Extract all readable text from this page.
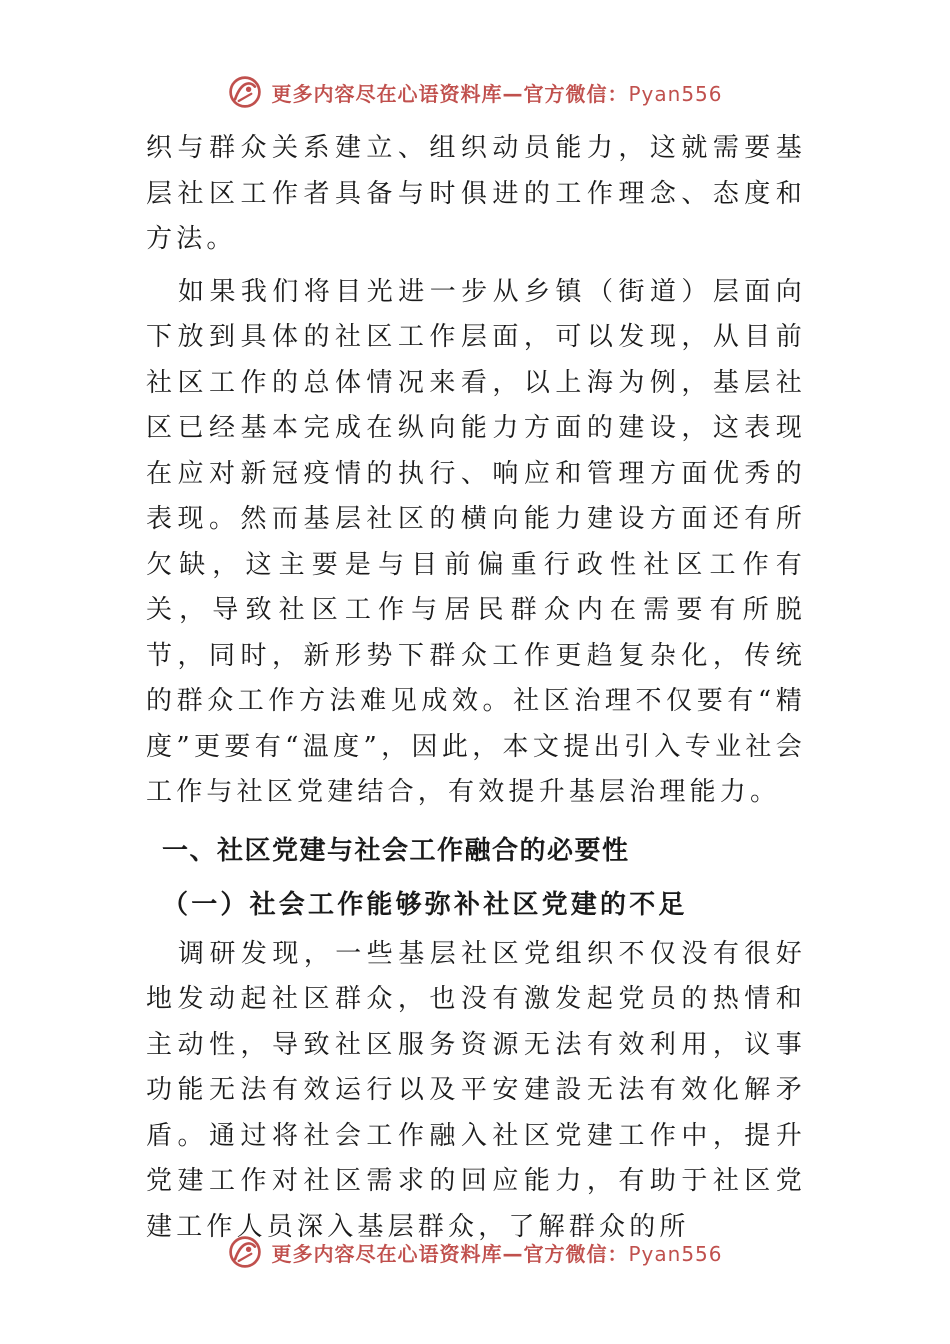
更多内容尽在心语资料库—官方微信：Pyan556

织与群众关系建立、组织动员能力，这就需要基层社区工作者具备与时俱进的工作理念、态度和方法。

如果我们将目光进一步从乡镇（街道）层面向下放到具体的社区工作层面，可以发现，从目前社区工作的总体情况来看，以上海为例，基层社区已经基本完成在纵向能力方面的建设，这表现在应对新冠疫情的执行、响应和管理方面优秀的表现。然而基层社区的横向能力建设方面还有所欠缺，这主要是与目前偏重行政性社区工作有关，导致社区工作与居民群众内在需要有所脱节，同时，新形势下群众工作更趋复杂化，传统的群众工作方法难见成效。社区治理不仅要有“精度”更要有“温度”，因此，本文提出引入专业社会工作与社区党建结合，有效提升基层治理能力。

一、社区党建与社会工作融合的必要性
（一）社会工作能够弥补社区党建的不足

调研发现，一些基层社区党组织不仅没有很好地发动起社区群众，也没有激发起党员的热情和主动性，导致社区服务资源无法有效利用，议事功能无法有效运行以及平安建設无法有效化解矛盾。通过将社会工作融入社区党建工作中，提升党建工作对社区需求的回应能力，有助于社区党建工作人员深入基层群众，了解群众的所

更多内容尽在心语资料库—官方微信：Pyan556
